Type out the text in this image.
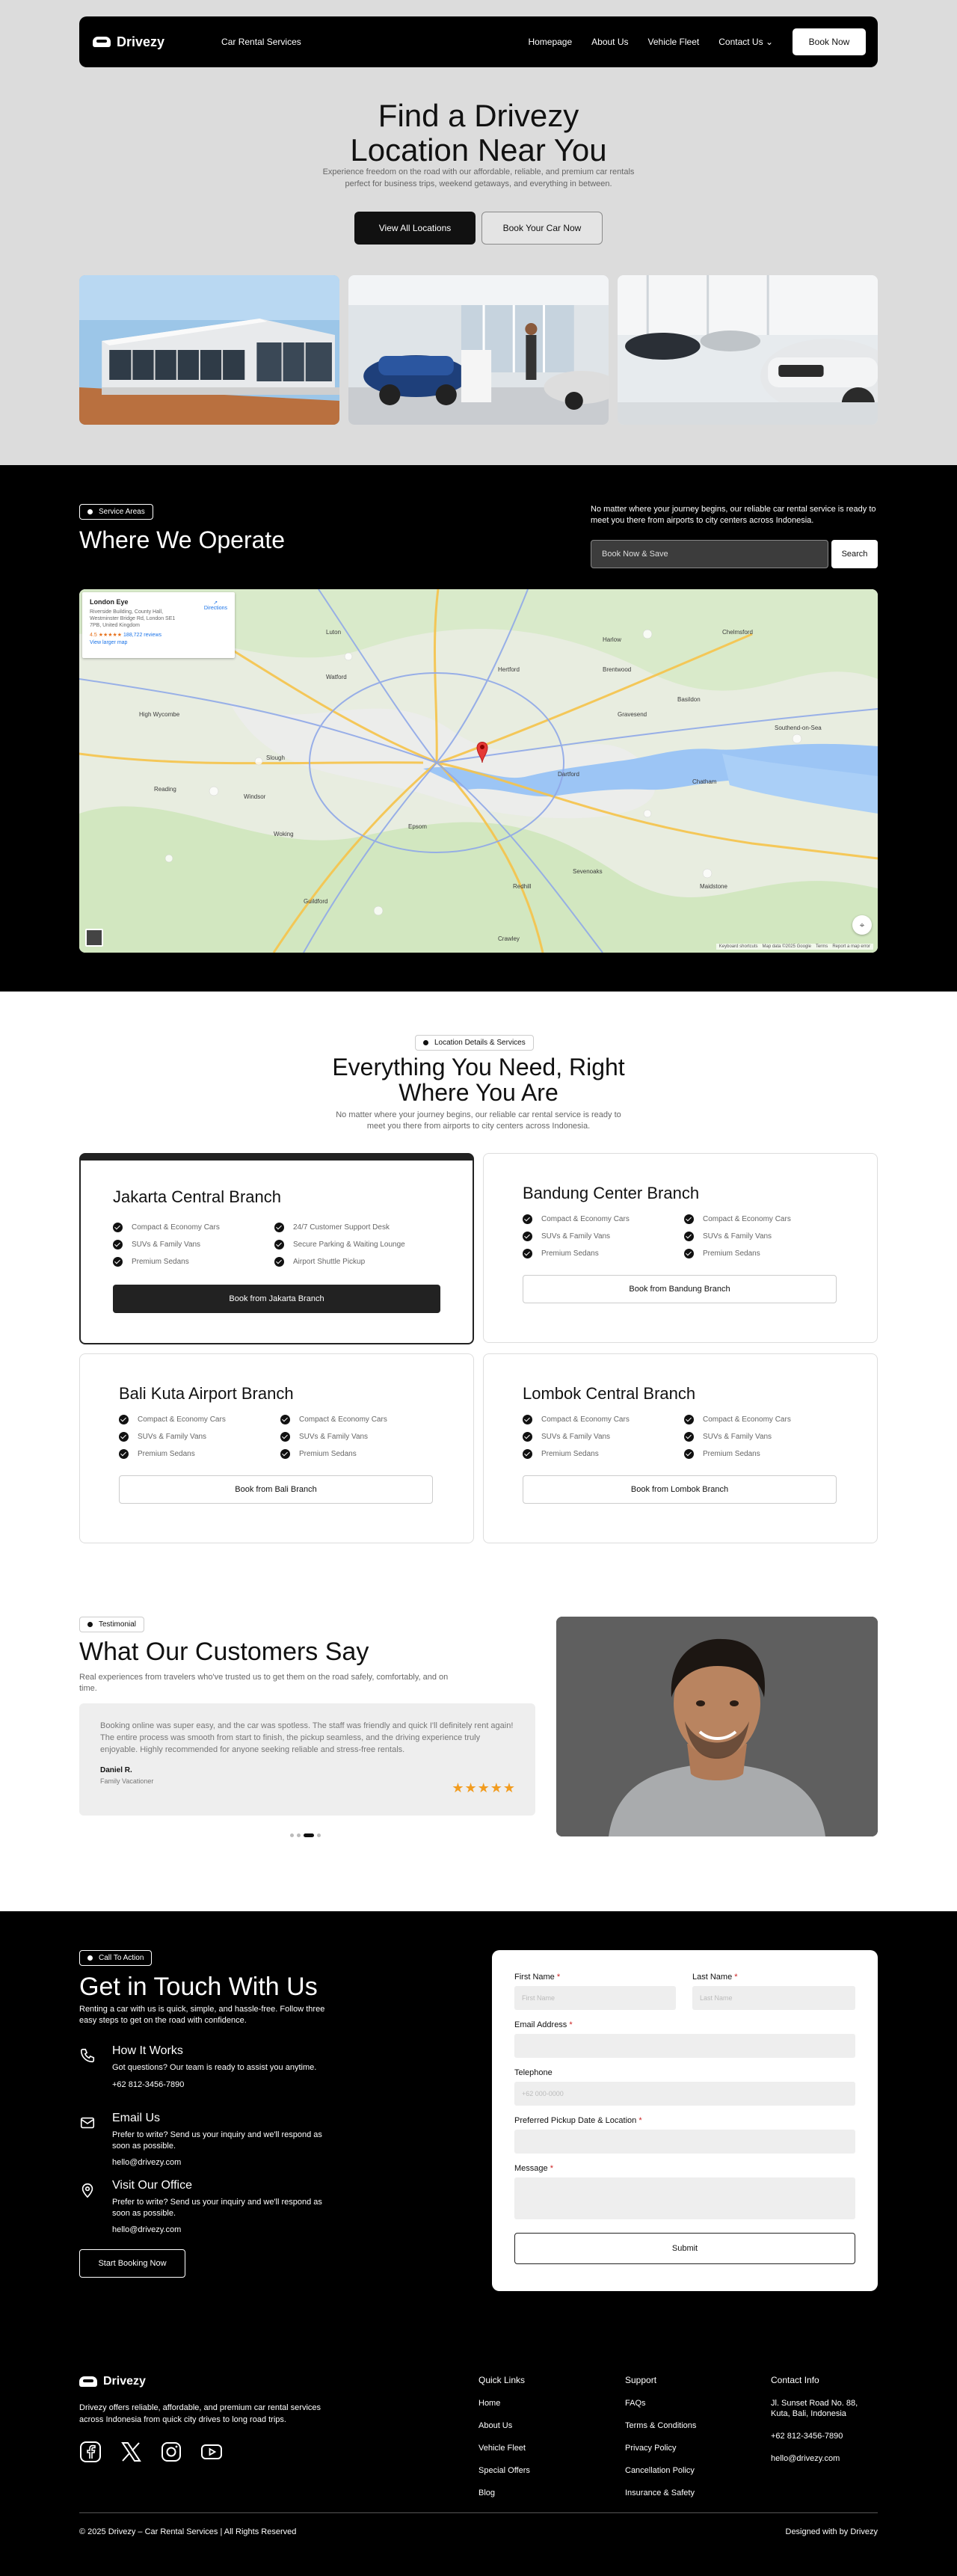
Drivezy	Car Rental Services	Homepage About Us Vehicle Fleet Contact Us ⌄	Book Now
Find a Drivezy
Location Near You

Experience freedom on the road with our affordable, reliable, and premium car rentals perfect for business trips, weekend getaways, and everything in between.

View All Locations	Book Your Car Now
Service Areas
Where We Operate

No matter where your journey begins, our reliable car rental service is ready to meet you there from airports to city centers across Indonesia.

Book Now & Save	Search
Chelmsford
Southend-on-Sea
Reading
Slough
Watford
Maidstone
Guildford
Crawley
Woking
Gravesend
Basildon
Luton
Harlow
Dartford
Sevenoaks
Chatham
Epsom
Redhill
High Wycombe
Windsor
Brentwood
Hertford
London Eye
Riverside Building, County Hall, Westminster Bridge Rd, London SE1 7PB, United Kingdom
4.5 ★★★★★ 188,722 reviews
View larger map
➚
Directions
⌖
Keyboard shortcuts Map data ©2025 Google Terms Report a map error
Location Details & Services
Everything You Need, Right
Where You Are

No matter where your journey begins, our reliable car rental service is ready to meet you there from airports to city centers across Indonesia.

Jakarta Central Branch
Compact & Economy Cars	24/7 Customer Support Desk
SUVs & Family Vans	Secure Parking & Waiting Lounge
Premium Sedans	Airport Shuttle Pickup
Book from Jakarta Branch
Bandung Center Branch
Compact & Economy Cars	Compact & Economy Cars
SUVs & Family Vans	SUVs & Family Vans
Premium Sedans	Premium Sedans
Book from Bandung Branch
Bali Kuta Airport Branch
Compact & Economy Cars	Compact & Economy Cars
SUVs & Family Vans	SUVs & Family Vans
Premium Sedans	Premium Sedans
Book from Bali Branch
Lombok Central Branch
Compact & Economy Cars	Compact & Economy Cars
SUVs & Family Vans	SUVs & Family Vans
Premium Sedans	Premium Sedans
Book from Lombok Branch
Testimonial
What Our Customers Say

Real experiences from travelers who've trusted us to get them on the road safely, comfortably, and on time.

Booking online was super easy, and the car was spotless. The staff was friendly and quick I'll definitely rent again! The entire process was smooth from start to finish, the pickup seamless, and the driving experience truly enjoyable. Highly recommended for anyone seeking reliable and stress-free rentals.

Daniel R.
Family Vacationer	★★★★★
Call To Action
Get in Touch With Us

Renting a car with us is quick, simple, and hassle-free. Follow three easy steps to get on the road with confidence.

How It Works
Got questions? Our team is ready to assist you anytime.
+62 812-3456-7890
Email Us
Prefer to write? Send us your inquiry and we'll respond as soon as possible.
hello@drivezy.com
Visit Our Office
Prefer to write? Send us your inquiry and we'll respond as soon as possible.
hello@drivezy.com
Start Booking Now
First Name *
First Name
Last Name *
Last Name
Email Address *
Telephone
+62 000-0000
Preferred Pickup Date & Location *
Message *
Submit
Drivezy

Drivezy offers reliable, affordable, and premium car rental services across Indonesia from quick city drives to long road trips.

Quick Links
Home
About Us
Vehicle Fleet
Special Offers
Blog
Support
FAQs
Terms & Conditions
Privacy Policy
Cancellation Policy
Insurance & Safety
Contact Info
Jl. Sunset Road No. 88, Kuta, Bali, Indonesia
+62 812-3456-7890
hello@drivezy.com
© 2025 Drivezy – Car Rental Services | All Rights Reserved	Designed with by Drivezy
